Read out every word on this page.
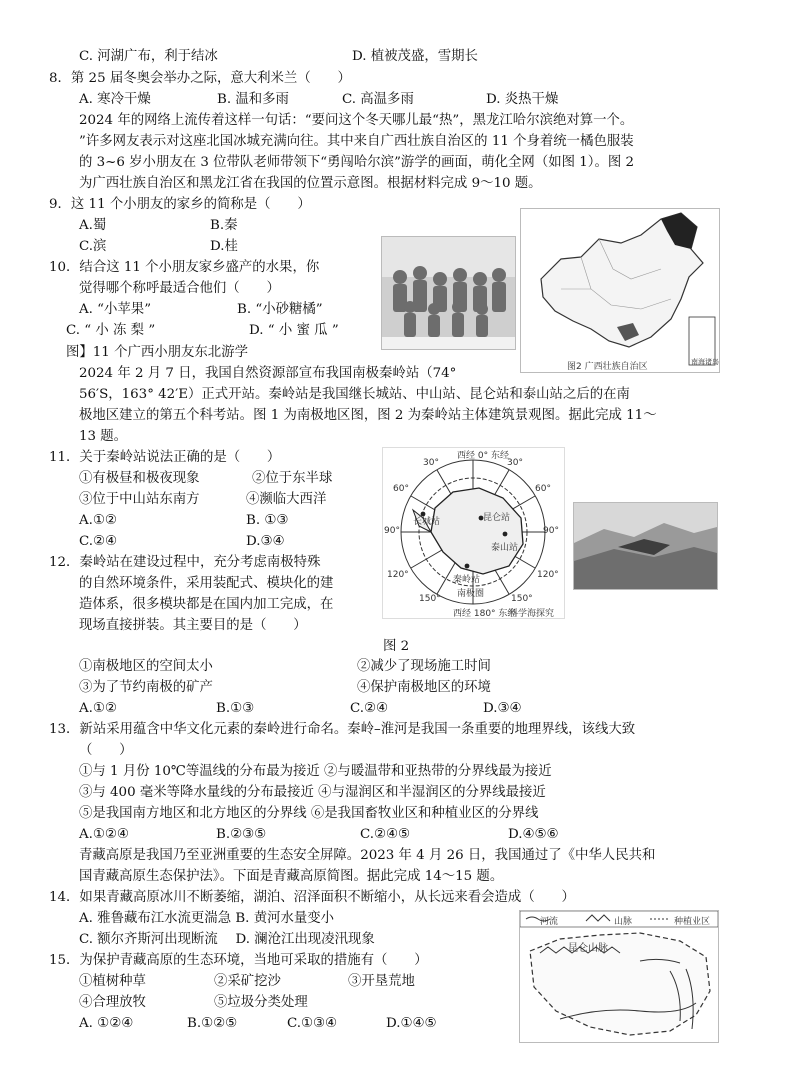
C. 河湖广布，利于结冰	D. 植被茂盛，雪期长
8．第 25 届冬奥会举办之际，意大利米兰（　　）
A. 寒冷干燥	B. 温和多雨	C. 高温多雨	D. 炎热干燥
2024 年的网络上流传着这样一句话：“要问这个冬天哪儿最“热”，黑龙江哈尔滨绝对算一个。
”许多网友表示对这座北国冰城充满向往。其中来自广西壮族自治区的 11 个身着统一橘色服装
的 3~6 岁小朋友在 3 位带队老师带领下“勇闯哈尔滨”游学的画面，萌化全网（如图 1）。图 2
为广西壮族自治区和黑龙江省在我国的位置示意图。根据材料完成 9～10 题。
9．这 11 个小朋友的家乡的简称是（　　）
A.蜀	B.秦
C.滨	D.桂
10．结合这 11 个小朋友家乡盛产的水果，你
觉得哪个称呼最适合他们（　　）
A. “小苹果”	B. “小砂糖橘”
C. “ 小 冻 梨 ”	D. “ 小 蜜 瓜 ”
图】11 个广西小朋友东北游学
2024 年 2 月 7 日，我国自然资源部宣布我国南极秦岭站（74°
56′S，163° 42′E）正式开站。秦岭站是我国继长城站、中山站、昆仑站和泰山站之后的在南
极地区建立的第五个科考站。图 1 为南极地区图，图 2 为秦岭站主体建筑景观图。据此完成 11～
13 题。
11．关于秦岭站说法正确的是（　　）
①有极昼和极夜现象	②位于东半球
③位于中山站东南方	④濒临大西洋
A.①②	B. ①③
C.②④	D.③④
12．秦岭站在建设过程中，充分考虑南极特殊
的自然环境条件，采用装配式、模块化的建
造体系，很多模块都是在国内加工完成，在
现场直接拼装。其主要目的是（　　）
图 2
①南极地区的空间太小	②减少了现场施工时间
③为了节约南极的矿产	④保护南极地区的环境
A.①②	B.①③	C.②④	D.③④
13．新站采用蕴含中华文化元素的秦岭进行命名。秦岭–淮河是我国一条重要的地理界线，该线大致
（　　）
①与 1 月份 10℃等温线的分布最为接近 ②与暖温带和亚热带的分界线最为接近
③与 400 毫米等降水量线的分布最接近 ④与湿润区和半湿润区的分界线最接近
⑤是我国南方地区和北方地区的分界线 ⑥是我国畜牧业区和种植业区的分界线
A.①②④	B.②③⑤	C.②④⑤	D.④⑤⑥
青藏高原是我国乃至亚洲重要的生态安全屏障。2023 年 4 月 26 日，我国通过了《中华人民共和
国青藏高原生态保护法》。下面是青藏高原简图。据此完成 14～15 题。
14．如果青藏高原冰川不断萎缩，湖泊、沼泽面积不断缩小，从长远来看会造成（　　）
A. 雅鲁藏布江水流更湍急 B. 黄河水量变小
C. 额尔齐斯河出现断流　 D. 澜沧江出现凌汛现象
15．为保护青藏高原的生态环境，当地可采取的措施有（　　）
①植树种草	②采矿挖沙	③开垦荒地
④合理放牧	⑤垃圾分类处理
A. ①②④	B.①②⑤	C.①③④	D.①④⑤
图2 广西壮族自治区	南海诸岛
西经 0° 东经
西经 180° 东经
30°	30°
60°	60°
90°	90°
120°	120°
150°	150°
昆仑站
泰山站
长城站
秦岭站
南极圈
科学海探究
河流	山脉	种植业区
昆仑山脉
